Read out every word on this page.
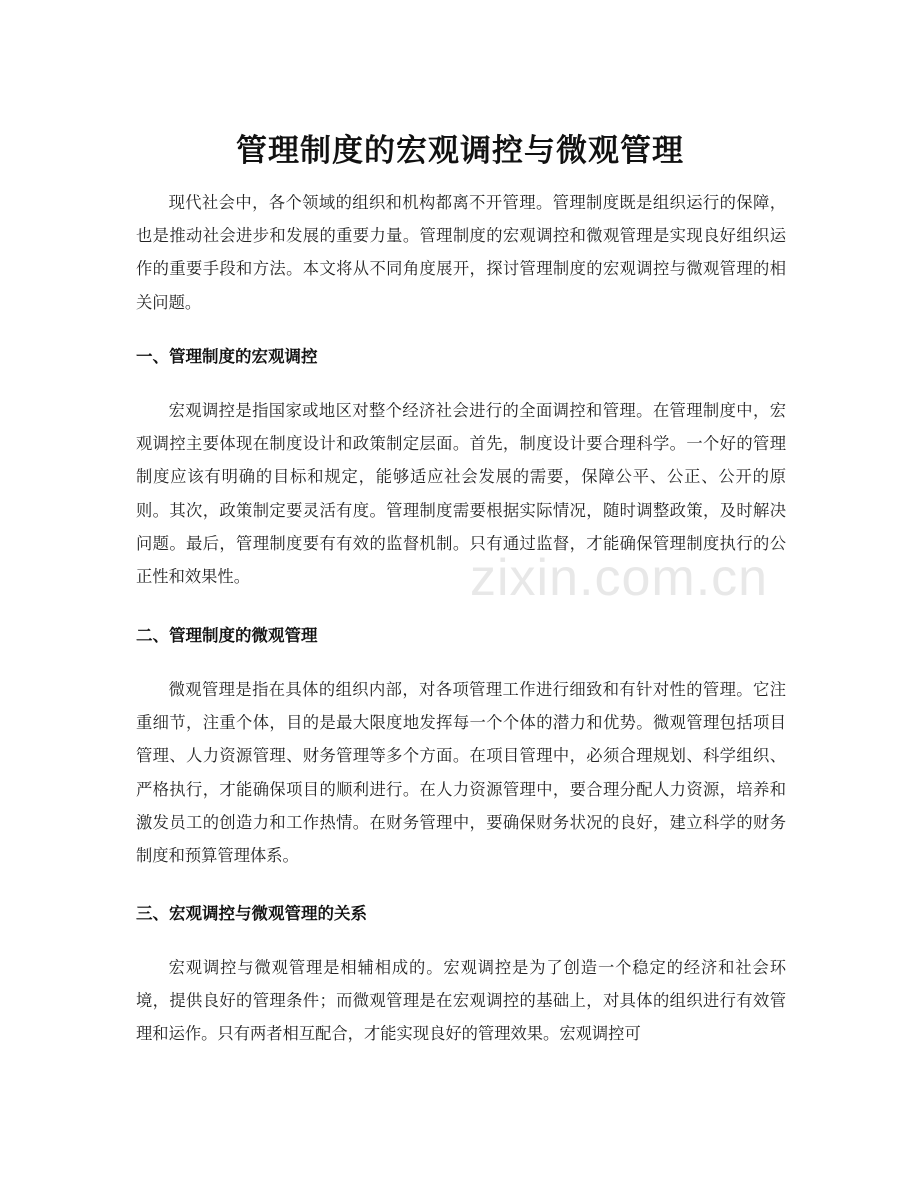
管理制度的宏观调控与微观管理

现代社会中，各个领域的组织和机构都离不开管理。管理制度既是组织运行的保障，也是推动社会进步和发展的重要力量。管理制度的宏观调控和微观管理是实现良好组织运作的重要手段和方法。本文将从不同角度展开，探讨管理制度的宏观调控与微观管理的相关问题。

一、管理制度的宏观调控

宏观调控是指国家或地区对整个经济社会进行的全面调控和管理。在管理制度中，宏观调控主要体现在制度设计和政策制定层面。首先，制度设计要合理科学。一个好的管理制度应该有明确的目标和规定，能够适应社会发展的需要，保障公平、公正、公开的原则。其次，政策制定要灵活有度。管理制度需要根据实际情况，随时调整政策，及时解决问题。最后，管理制度要有有效的监督机制。只有通过监督，才能确保管理制度执行的公正性和效果性。

二、管理制度的微观管理

微观管理是指在具体的组织内部，对各项管理工作进行细致和有针对性的管理。它注重细节，注重个体，目的是最大限度地发挥每一个个体的潜力和优势。微观管理包括项目管理、人力资源管理、财务管理等多个方面。在项目管理中，必须合理规划、科学组织、严格执行，才能确保项目的顺利进行。在人力资源管理中，要合理分配人力资源，培养和激发员工的创造力和工作热情。在财务管理中，要确保财务状况的良好，建立科学的财务制度和预算管理体系。

三、宏观调控与微观管理的关系

宏观调控与微观管理是相辅相成的。宏观调控是为了创造一个稳定的经济和社会环境，提供良好的管理条件；而微观管理是在宏观调控的基础上，对具体的组织进行有效管理和运作。只有两者相互配合，才能实现良好的管理效果。宏观调控可

zixin.com.cn
